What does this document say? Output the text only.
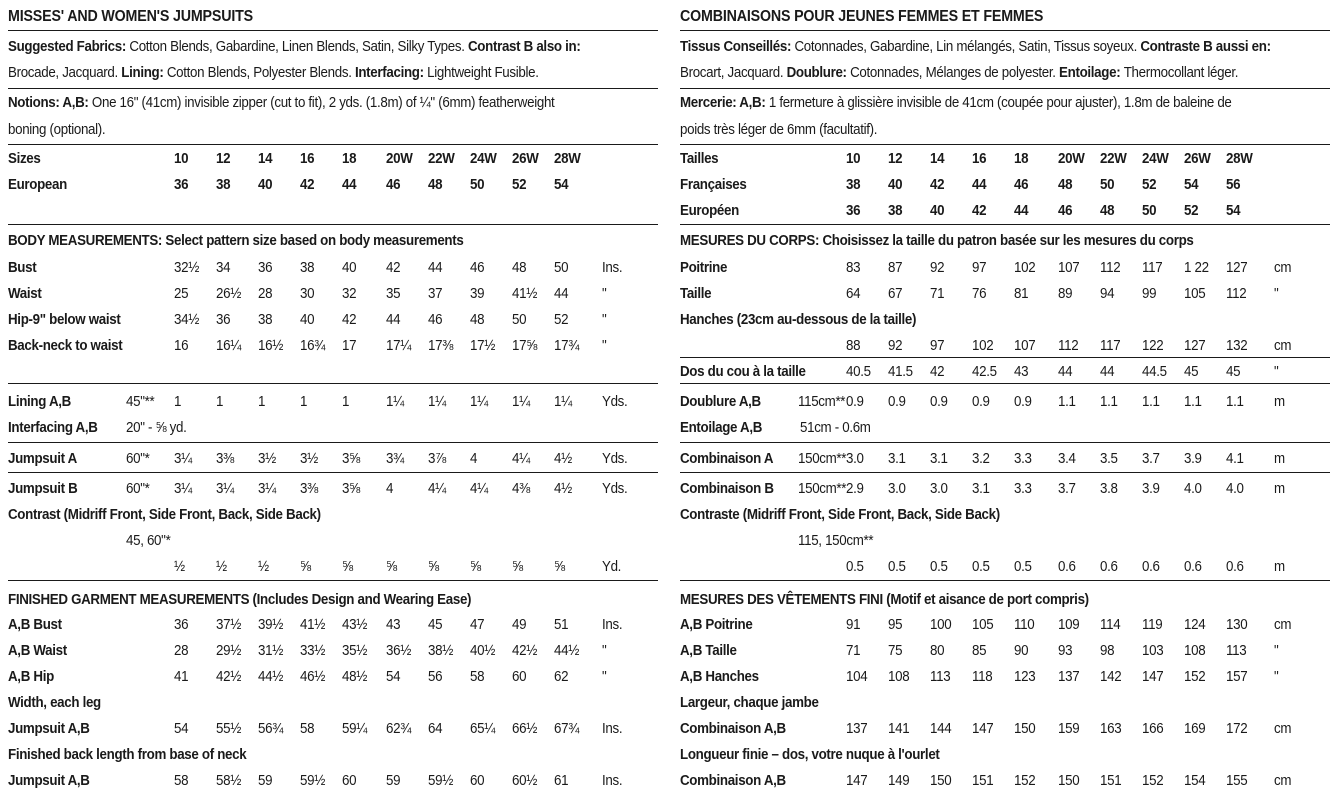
MISSES' AND WOMEN'S JUMPSUITS
Suggested Fabrics: Cotton Blends, Gabardine, Linen Blends, Satin, Silky Types. Contrast B also in:
Brocade, Jacquard. Lining: Cotton Blends, Polyester Blends. Interfacing: Lightweight Fusible.
Notions: A,B: One 16" (41cm) invisible zipper (cut to fit), 2 yds. (1.8m) of ¼" (6mm) featherweight
boning (optional).
Sizes	10 12 14 16 18 20W 22W 24W 26W 28W
European	36 38 40 42 44 46 48 50 52 54
BODY MEASUREMENTS: Select pattern size based on body measurements
Bust	32½ 34 36 38 40 42 44 46 48 50 Ins.
Waist	25 26½ 28 30 32 35 37 39 41½ 44 "
Hip-9" below waist	34½ 36 38 40 42 44 46 48 50 52 "
Back-neck to waist	16 16¼ 16½ 16¾ 17 17¼ 17⅜ 17½ 17⅝ 17¾ "
Lining A,B	45"** 1 1 1 1 1	1¼ 1¼ 1¼ 1¼ 1¼ Yds.
Interfacing A,B 20" - ⅝ yd.
Jumpsuit A	60"* 3¼ 3⅜ 3½ 3½ 3⅝ 3¾ 3⅞ 4 4¼ 4½ Yds.
Jumpsuit B	60"* 3¼ 3¼ 3¼ 3⅜ 3⅝ 4 4¼ 4¼ 4⅜ 4½ Yds.
Contrast (Midriff Front, Side Front, Back, Side Back)
45, 60"*
½ ½ ½ ⅝ ⅝ ⅝ ⅝ ⅝ ⅝ ⅝	Yd.
FINISHED GARMENT MEASUREMENTS (Includes Design and Wearing Ease)
A,B Bust	36 37½ 39½ 41½ 43½ 43 45 47 49 51 Ins.
A,B Waist	28 29½ 31½ 33½ 35½ 36½ 38½ 40½ 42½ 44½ "
A,B Hip	41 42½ 44½ 46½ 48½ 54 56 58 60 62 "
Width, each leg
Jumpsuit A,B	54 55½ 56¾ 58 59¼ 62¾ 64 65¼ 66½ 67¾ Ins.
Finished back length from base of neck
Jumpsuit A,B	58 58½ 59 59½ 60 59 59½ 60 60½ 61 Ins.
COMBINAISONS POUR JEUNES FEMMES ET FEMMES
Tissus Conseillés: Cotonnades, Gabardine, Lin mélangés, Satin, Tissus soyeux. Contraste B aussi en:
Brocart, Jacquard. Doublure: Cotonnades, Mélanges de polyester. Entoilage: Thermocollant léger.
Mercerie: A,B: 1 fermeture à glissière invisible de 41cm (coupée pour ajuster), 1.8m de baleine de
poids très léger de 6mm (facultatif).
Tailles	10 12 14 16 18 20W 22W 24W 26W 28W
Françaises	38 40 42 44 46 48 50 52 54 56
Européen	36 38 40 42 44 46 48 50 52 54
MESURES DU CORPS: Choisissez la taille du patron basée sur les mesures du corps
Poitrine	83 87 92 97 102 107 112 117 1 22 127 cm
Taille	64 67 71 76 81 89 94 99 105 112 "
Hanches (23cm au-dessous de la taille)
88 92 97 102 107 112 117 122 127 132 cm
Dos du cou à la taille	40.5 41.5 42 42.5 43 44 44 44.5 45 45 "
Doublure A,B	115cm** 0.9 0.9 0.9 0.9 0.9 1.1 1.1 1.1 1.1 1.1 m
Entoilage A,B	51cm - 0.6m
Combinaison A 150cm** 3.0 3.1 3.1 3.2 3.3 3.4 3.5 3.7 3.9 4.1 m
Combinaison B 150cm** 2.9 3.0 3.0 3.1 3.3 3.7 3.8 3.9 4.0 4.0 m
Contraste (Midriff Front, Side Front, Back, Side Back)
115, 150cm**
0.5 0.5 0.5 0.5 0.5 0.6 0.6 0.6 0.6 0.6 m
MESURES DES VÊTEMENTS FINI (Motif et aisance de port compris)
A,B Poitrine	91 95 100 105 110 109 114 119 124 130 cm
A,B Taille	71 75 80 85 90 93 98 103 108 113 "
A,B Hanches	104 108 113 118 123 137 142 147 152 157 "
Largeur, chaque jambe
Combinaison A,B	137 141 144 147 150 159 163 166 169 172 cm
Longueur finie – dos, votre nuque à l'ourlet
Combinaison A,B	147 149 150 151 152 150 151 152 154 155 cm
